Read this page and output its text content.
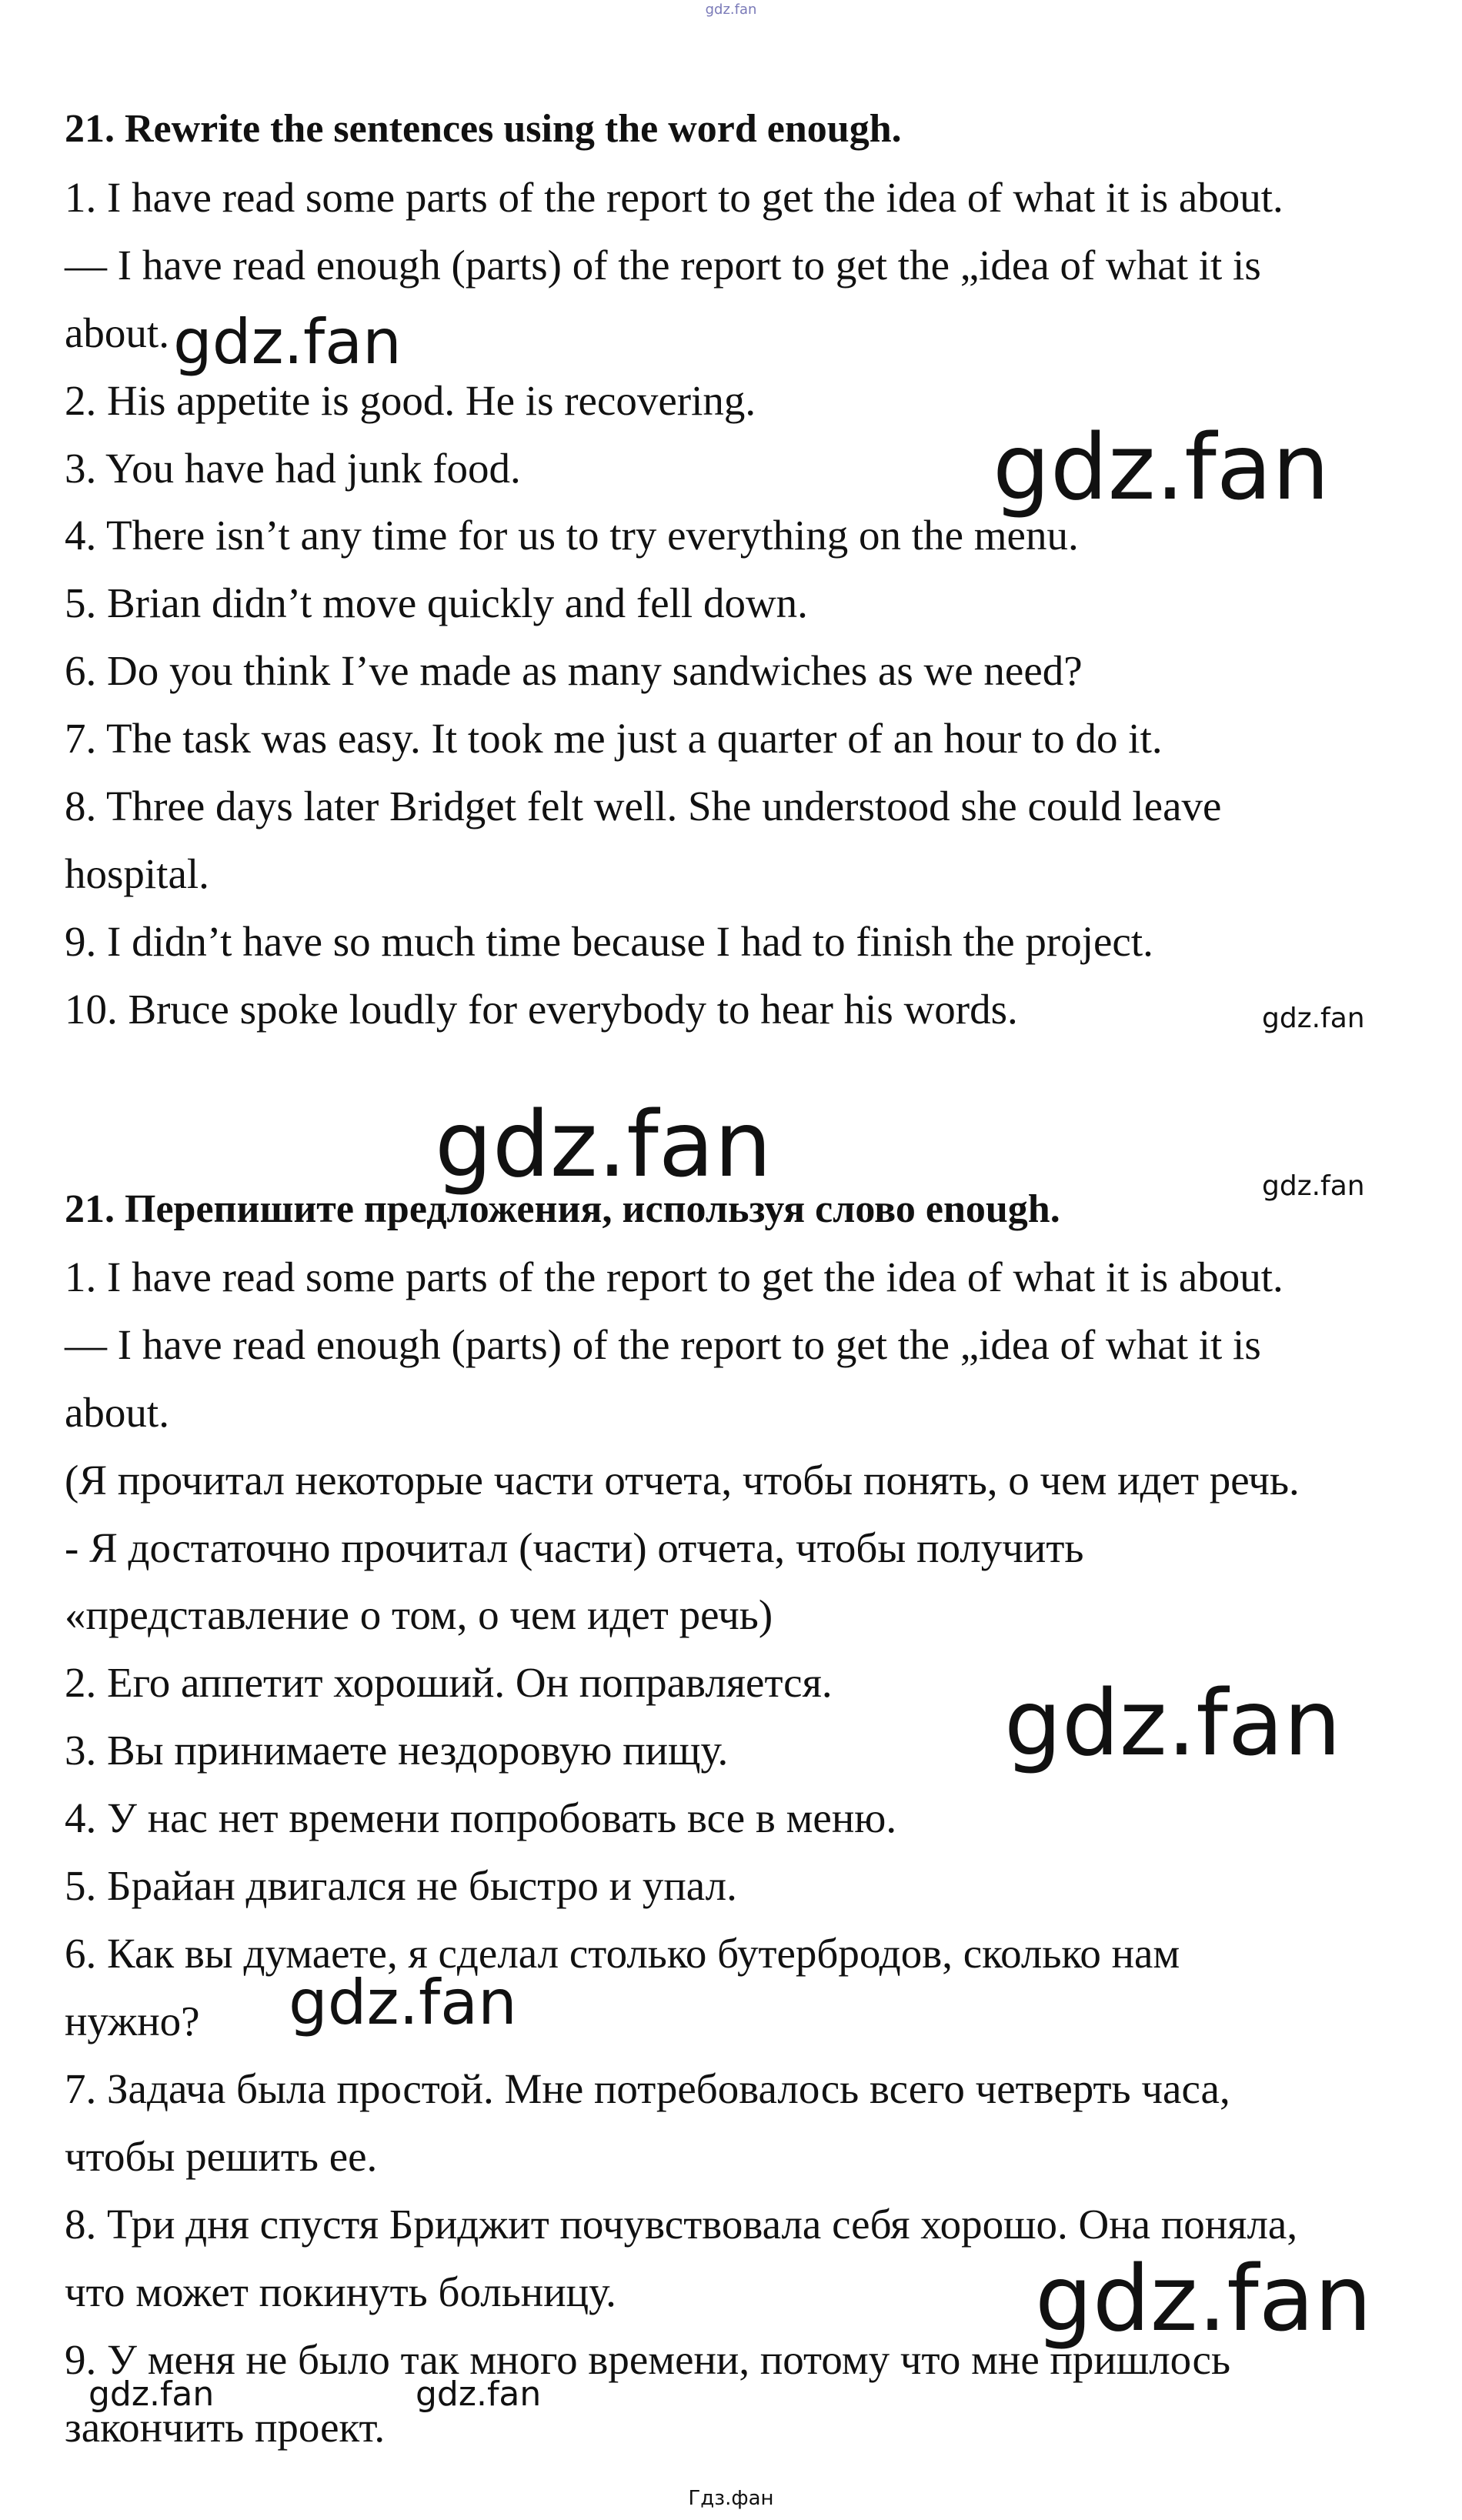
gdz.fan
21. Rewrite the sentences using the word enough.
1. I have read some parts of the report to get the idea of what it is about.
— I have read enough (parts) of the report to get the „idea of what it is
about.
2. His appetite is good. He is recovering.
3. You have had junk food.
4. There isn’t any time for us to try everything on the menu.
5. Brian didn’t move quickly and fell down.
6. Do you think I’ve made as many sandwiches as we need?
7. The task was easy. It took me just a quarter of an hour to do it.
8. Three days later Bridget felt well. She understood she could leave
hospital.
9. I didn’t have so much time because I had to finish the project.
10. Bruce spoke loudly for everybody to hear his words.
21. Перепишите предложения, используя слово enough.
1. I have read some parts of the report to get the idea of what it is about.
— I have read enough (parts) of the report to get the „idea of what it is
about.
(Я прочитал некоторые части отчета, чтобы понять, о чем идет речь.
- Я достаточно прочитал (части) отчета, чтобы получить
«представление о том, о чем идет речь)
2. Его аппетит хороший. Он поправляется.
3. Вы принимаете нездоровую пищу.
4. У нас нет времени попробовать все в меню.
5. Брайан двигался не быстро и упал.
6. Как вы думаете, я сделал столько бутербродов, сколько нам
нужно?
7. Задача была простой. Мне потребовалось всего четверть часа,
чтобы решить ее.
8. Три дня спустя Бриджит почувствовала себя хорошо. Она поняла,
что может покинуть больницу.
9. У меня не было так много времени, потому что мне пришлось
закончить проект.
gdz.fan
gdz.fan
gdz.fan
gdz.fan	gdz.fan
gdz.fan
gdz.fan
gdz.fan
gdz.fan	gdz.fan
Гдз.фан
